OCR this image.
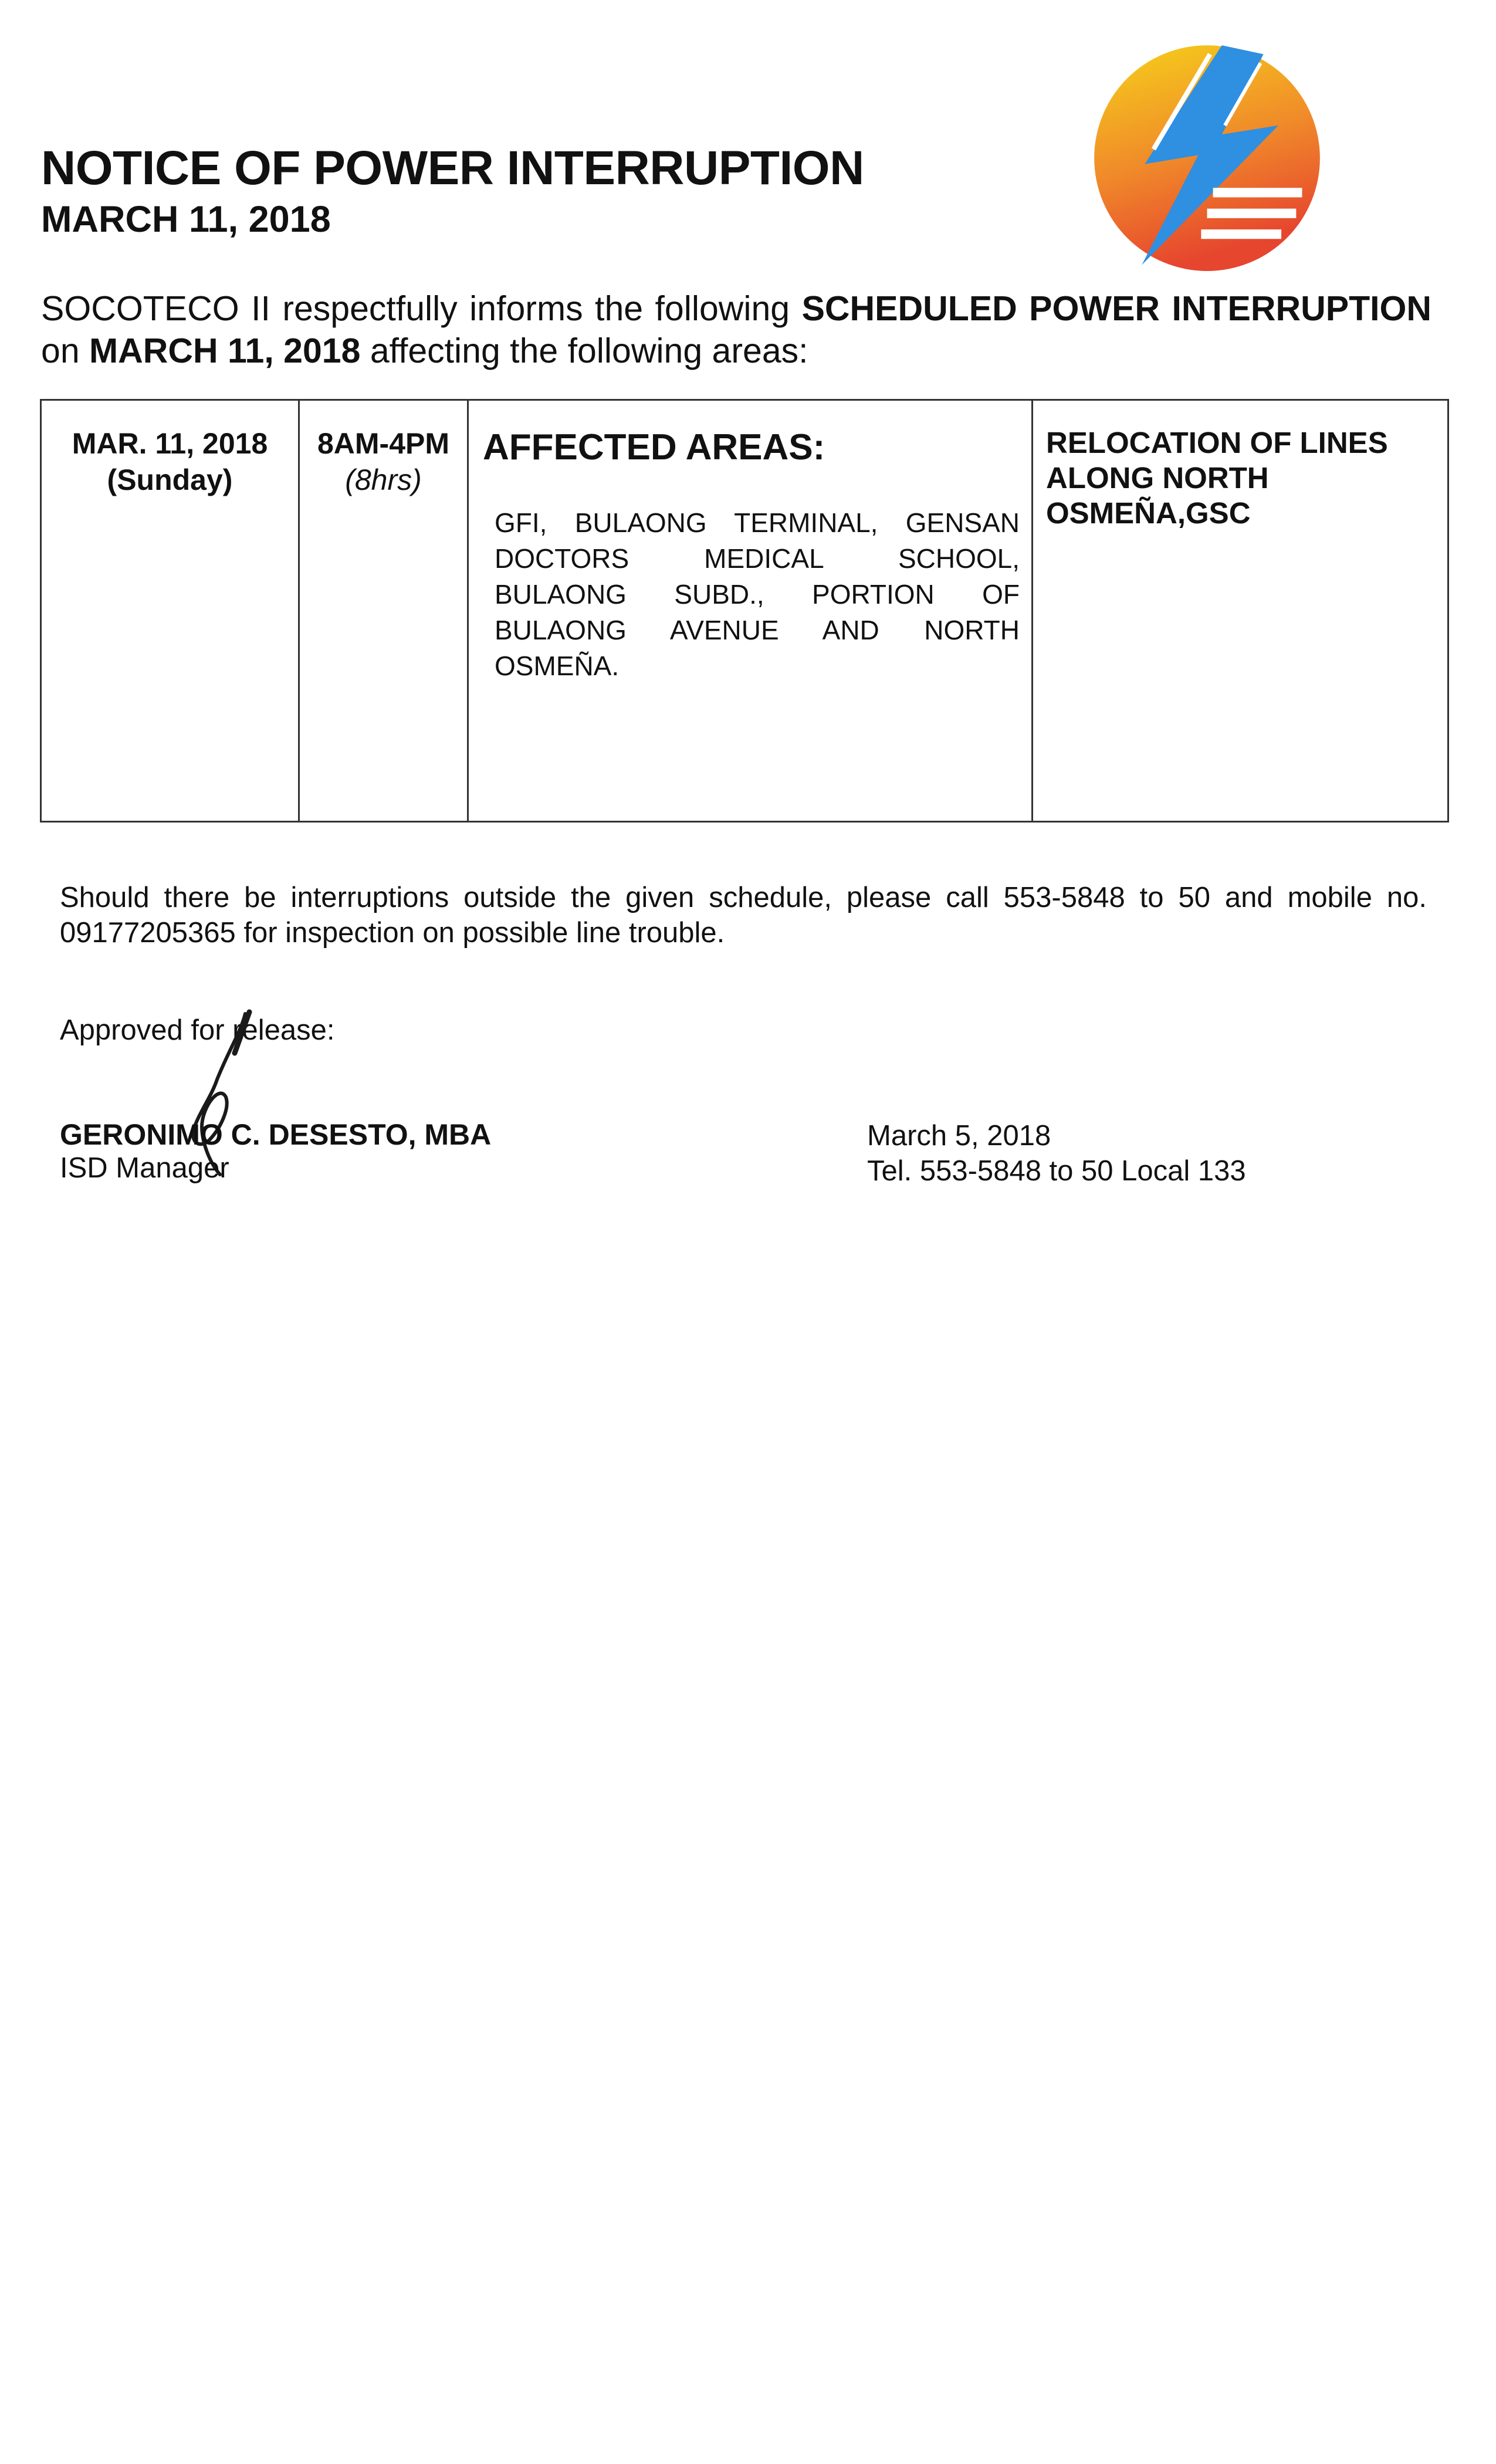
NOTICE OF POWER INTERRUPTION
MARCH 11, 2018
SOCOTECO II respectfully informs the following SCHEDULED POWER INTERRUPTION on MARCH 11, 2018 affecting the following areas:
MAR. 11, 2018
(Sunday)
8AM-4PM
(8hrs)
AFFECTED AREAS:
GFI, BULAONG TERMINAL, GENSAN DOCTORS MEDICAL SCHOOL, BULAONG SUBD., PORTION OF BULAONG AVENUE AND NORTH OSMEÑA.
RELOCATION OF LINES ALONG NORTH OSMEÑA,GSC
Should there be interruptions outside the given schedule, please call 553-5848 to 50 and mobile no. 09177205365 for inspection on possible line trouble.
Approved for release:
GERONIMO C. DESESTO, MBA
ISD Manager
March 5, 2018
Tel. 553-5848 to 50 Local 133
